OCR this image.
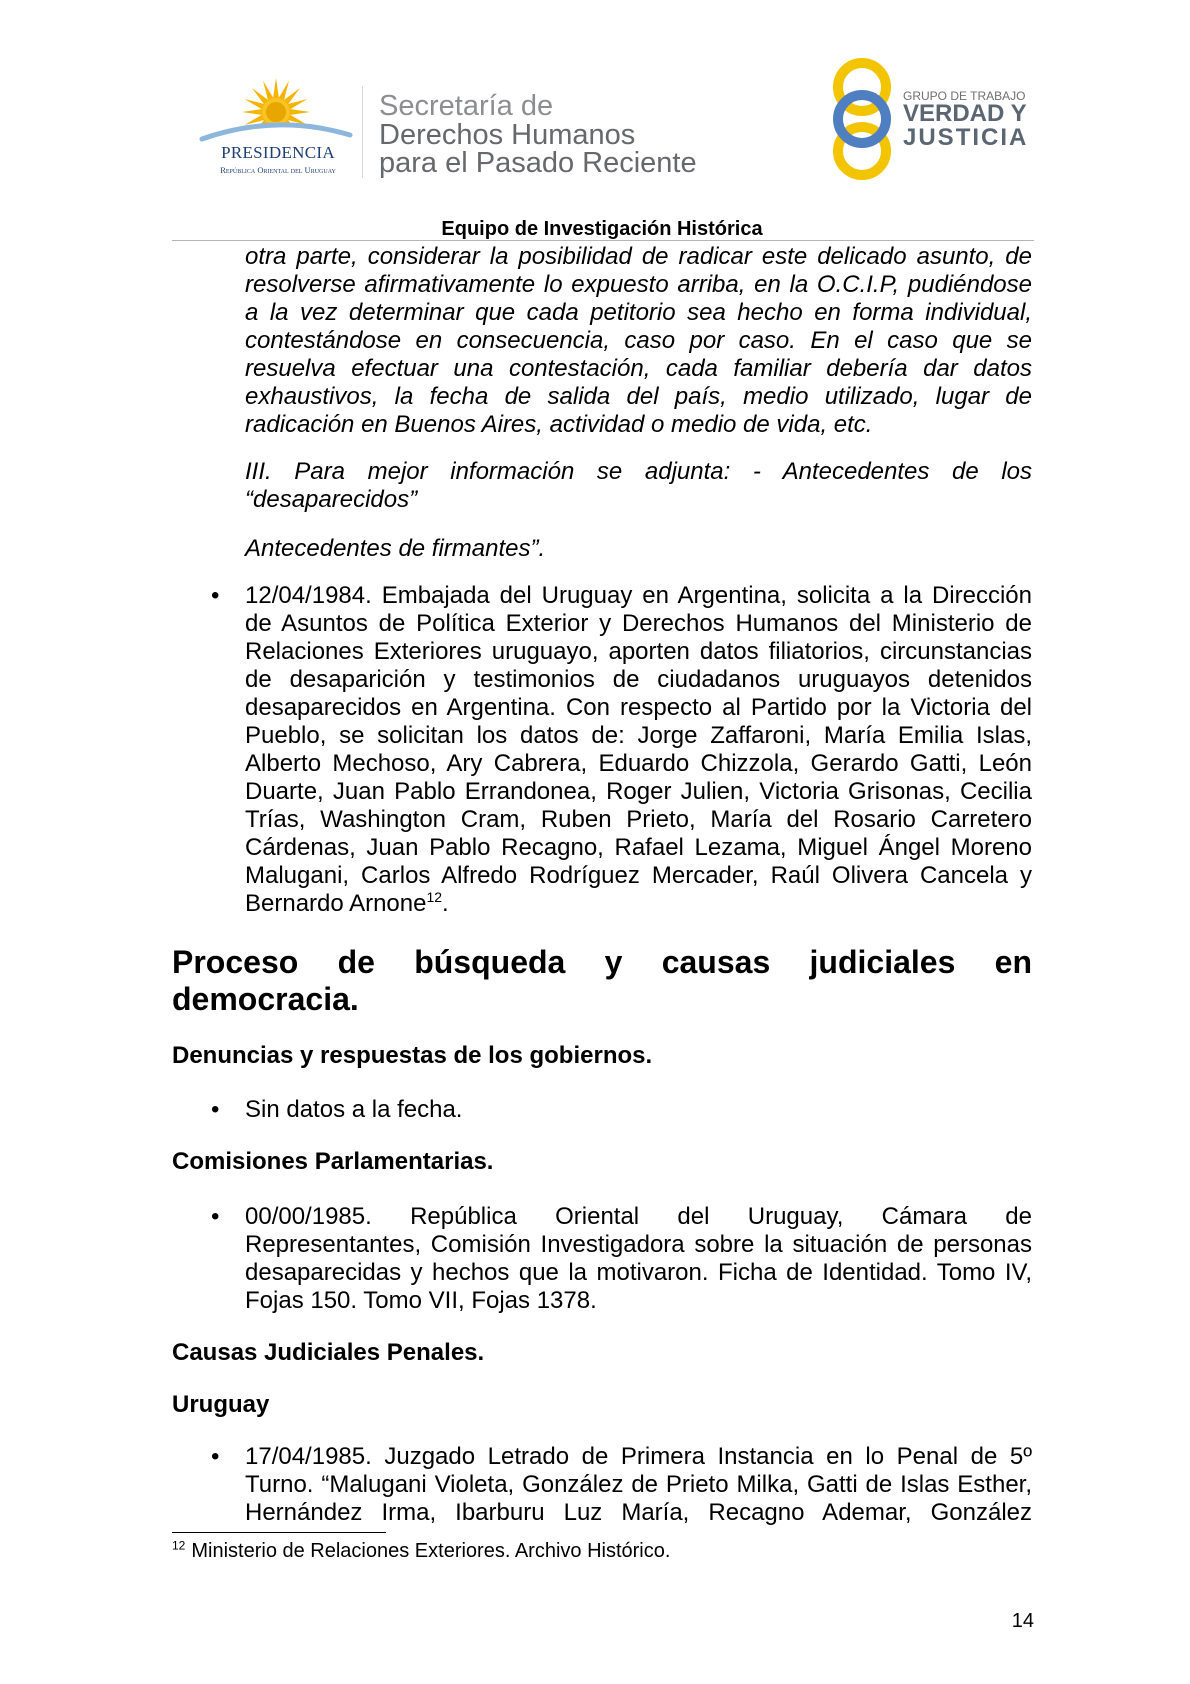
PRESIDENCIA
República Oriental del Uruguay
Secretaría de
Derechos Humanos
para el Pasado Reciente
GRUPO DE TRABAJO
VERDAD Y
JUSTICIA
Equipo de Investigación Histórica
otra parte, considerar la posibilidad de radicar este delicado asunto, de
resolverse afirmativamente lo expuesto arriba, en la O.C.I.P, pudiéndose
a la vez determinar que cada petitorio sea hecho en forma individual,
contestándose en consecuencia, caso por caso. En el caso que se
resuelva efectuar una contestación, cada familiar debería dar datos
exhaustivos, la fecha de salida del país, medio utilizado, lugar de
radicación en Buenos Aires, actividad o medio de vida, etc.
III. Para mejor información se adjunta: - Antecedentes de los
“desaparecidos”
Antecedentes de firmantes”.
• 12/04/1984. Embajada del Uruguay en Argentina, solicita a la Dirección
de Asuntos de Política Exterior y Derechos Humanos del Ministerio de
Relaciones Exteriores uruguayo, aporten datos filiatorios, circunstancias
de desaparición y testimonios de ciudadanos uruguayos detenidos
desaparecidos en Argentina. Con respecto al Partido por la Victoria del
Pueblo, se solicitan los datos de: Jorge Zaffaroni, María Emilia Islas,
Alberto Mechoso, Ary Cabrera, Eduardo Chizzola, Gerardo Gatti, León
Duarte, Juan Pablo Errandonea, Roger Julien, Victoria Grisonas, Cecilia
Trías, Washington Cram, Ruben Prieto, María del Rosario Carretero
Cárdenas, Juan Pablo Recagno, Rafael Lezama, Miguel Ángel Moreno
Malugani, Carlos Alfredo Rodríguez Mercader, Raúl Olivera Cancela y
Bernardo Arnone$^{12}$.
Proceso de búsqueda y causas judiciales en
democracia.
Denuncias y respuestas de los gobiernos.
• Sin datos a la fecha.
Comisiones Parlamentarias.
• 00/00/1985. República Oriental del Uruguay, Cámara de
Representantes, Comisión Investigadora sobre la situación de personas
desaparecidas y hechos que la motivaron. Ficha de Identidad. Tomo IV,
Fojas 150. Tomo VII, Fojas 1378.
Causas Judiciales Penales.
Uruguay
• 17/04/1985. Juzgado Letrado de Primera Instancia en lo Penal de 5º
Turno. “Malugani Violeta, González de Prieto Milka, Gatti de Islas Esther,
Hernández Irma, Ibarburu Luz María, Recagno Ademar, González
$^{12}$ Ministerio de Relaciones Exteriores. Archivo Histórico.
14
